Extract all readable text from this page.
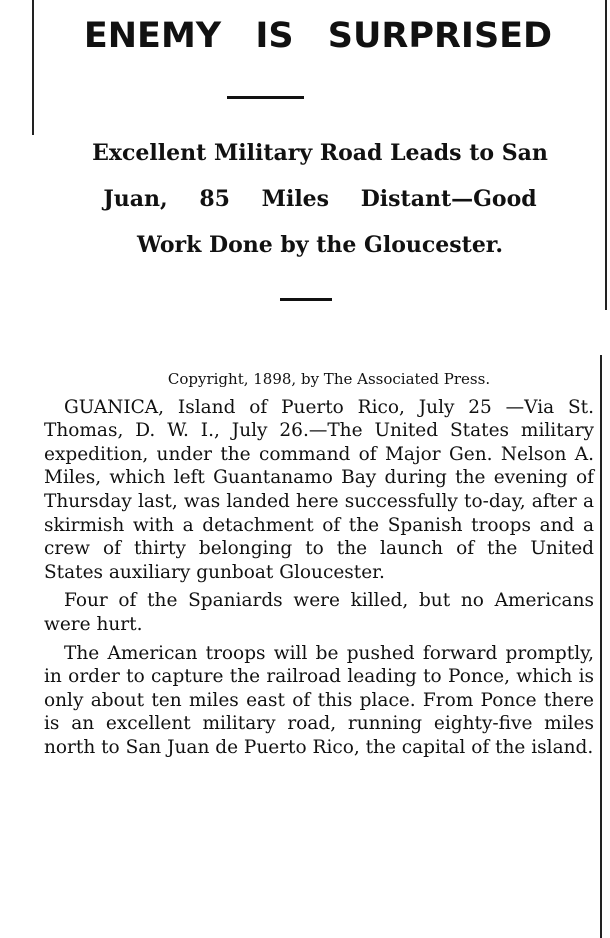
ENEMY IS SURPRISED
Excellent Military Road Leads to San
Juan, 85 Miles Distant—Good
Work Done by the Gloucester.
Copyright, 1898, by The Associated Press.

GUANICA, Island of Puerto Rico, July 25 —Via St. Thomas, D. W. I., July 26.—The United States military expedition, under the command of Major Gen. Nelson A. Miles, which left Guantanamo Bay during the evening of Thursday last, was landed here successfully to-day, after a skirmish with a detachment of the Spanish troops and a crew of thirty belonging to the launch of the United States auxiliary gunboat Gloucester.

Four of the Spaniards were killed, but no Americans were hurt.

The American troops will be pushed forward promptly, in order to capture the railroad leading to Ponce, which is only about ten miles east of this place. From Ponce there is an excellent military road, running eighty-five miles north to San Juan de Puerto Rico, the capital of the island.
